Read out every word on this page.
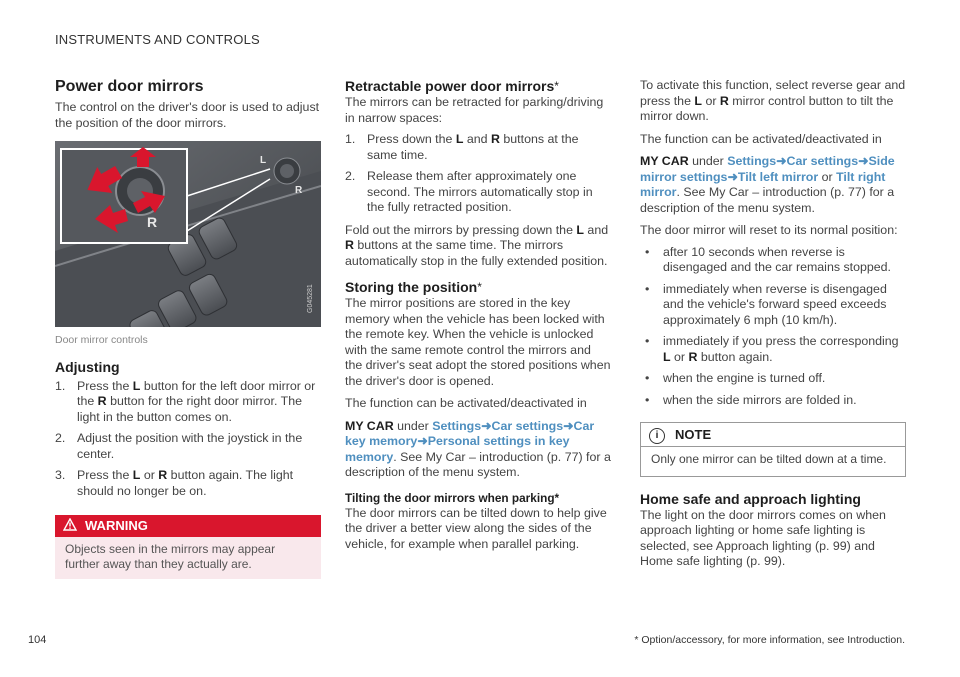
INSTRUMENTS AND CONTROLS
Power door mirrors

The control on the driver's door is used to adjust the position of the door mirrors.

L
R
R
G045281
Door mirror controls
Adjusting
1. Press the L button for the left door mirror or the R button for the right door mirror. The light in the button comes on.
2. Adjust the position with the joystick in the center.
3. Press the L or R button again. The light should no longer be on.
WARNING
Objects seen in the mirrors may appear further away than they actually are.
Retractable power door mirrors*

The mirrors can be retracted for parking/driving in narrow spaces:

1. Press down the L and R buttons at the same time.
2. Release them after approximately one second. The mirrors automatically stop in the fully retracted position.

Fold out the mirrors by pressing down the L and R buttons at the same time. The mirrors automatically stop in the fully extended position.

Storing the position*

The mirror positions are stored in the key memory when the vehicle has been locked with the remote key. When the vehicle is unlocked with the same remote control the mirrors and the driver's seat adopt the stored positions when the driver's door is opened.

The function can be activated/deactivated in

MY CAR under Settings➜Car settings➜Car key memory➜Personal settings in key memory. See My Car – introduction (p. 77) for a description of the menu system.

Tilting the door mirrors when parking*

The door mirrors can be tilted down to help give the driver a better view along the sides of the vehicle, for example when parallel parking.

To activate this function, select reverse gear and press the L or R mirror control button to tilt the mirror down.

The function can be activated/deactivated in

MY CAR under Settings➜Car settings➜Side mirror settings➜Tilt left mirror or Tilt right mirror. See My Car – introduction (p. 77) for a description of the menu system.

The door mirror will reset to its normal position:

• after 10 seconds when reverse is disengaged and the car remains stopped.
• immediately when reverse is disengaged and the vehicle's forward speed exceeds approximately 6 mph (10 km/h).
• immediately if you press the corresponding L or R button again.
• when the engine is turned off.
• when the side mirrors are folded in.
i NOTE
Only one mirror can be tilted down at a time.
Home safe and approach lighting

The light on the door mirrors comes on when approach lighting or home safe lighting is selected, see Approach lighting (p. 99) and Home safe lighting (p. 99).

104	* Option/accessory, for more information, see Introduction.
